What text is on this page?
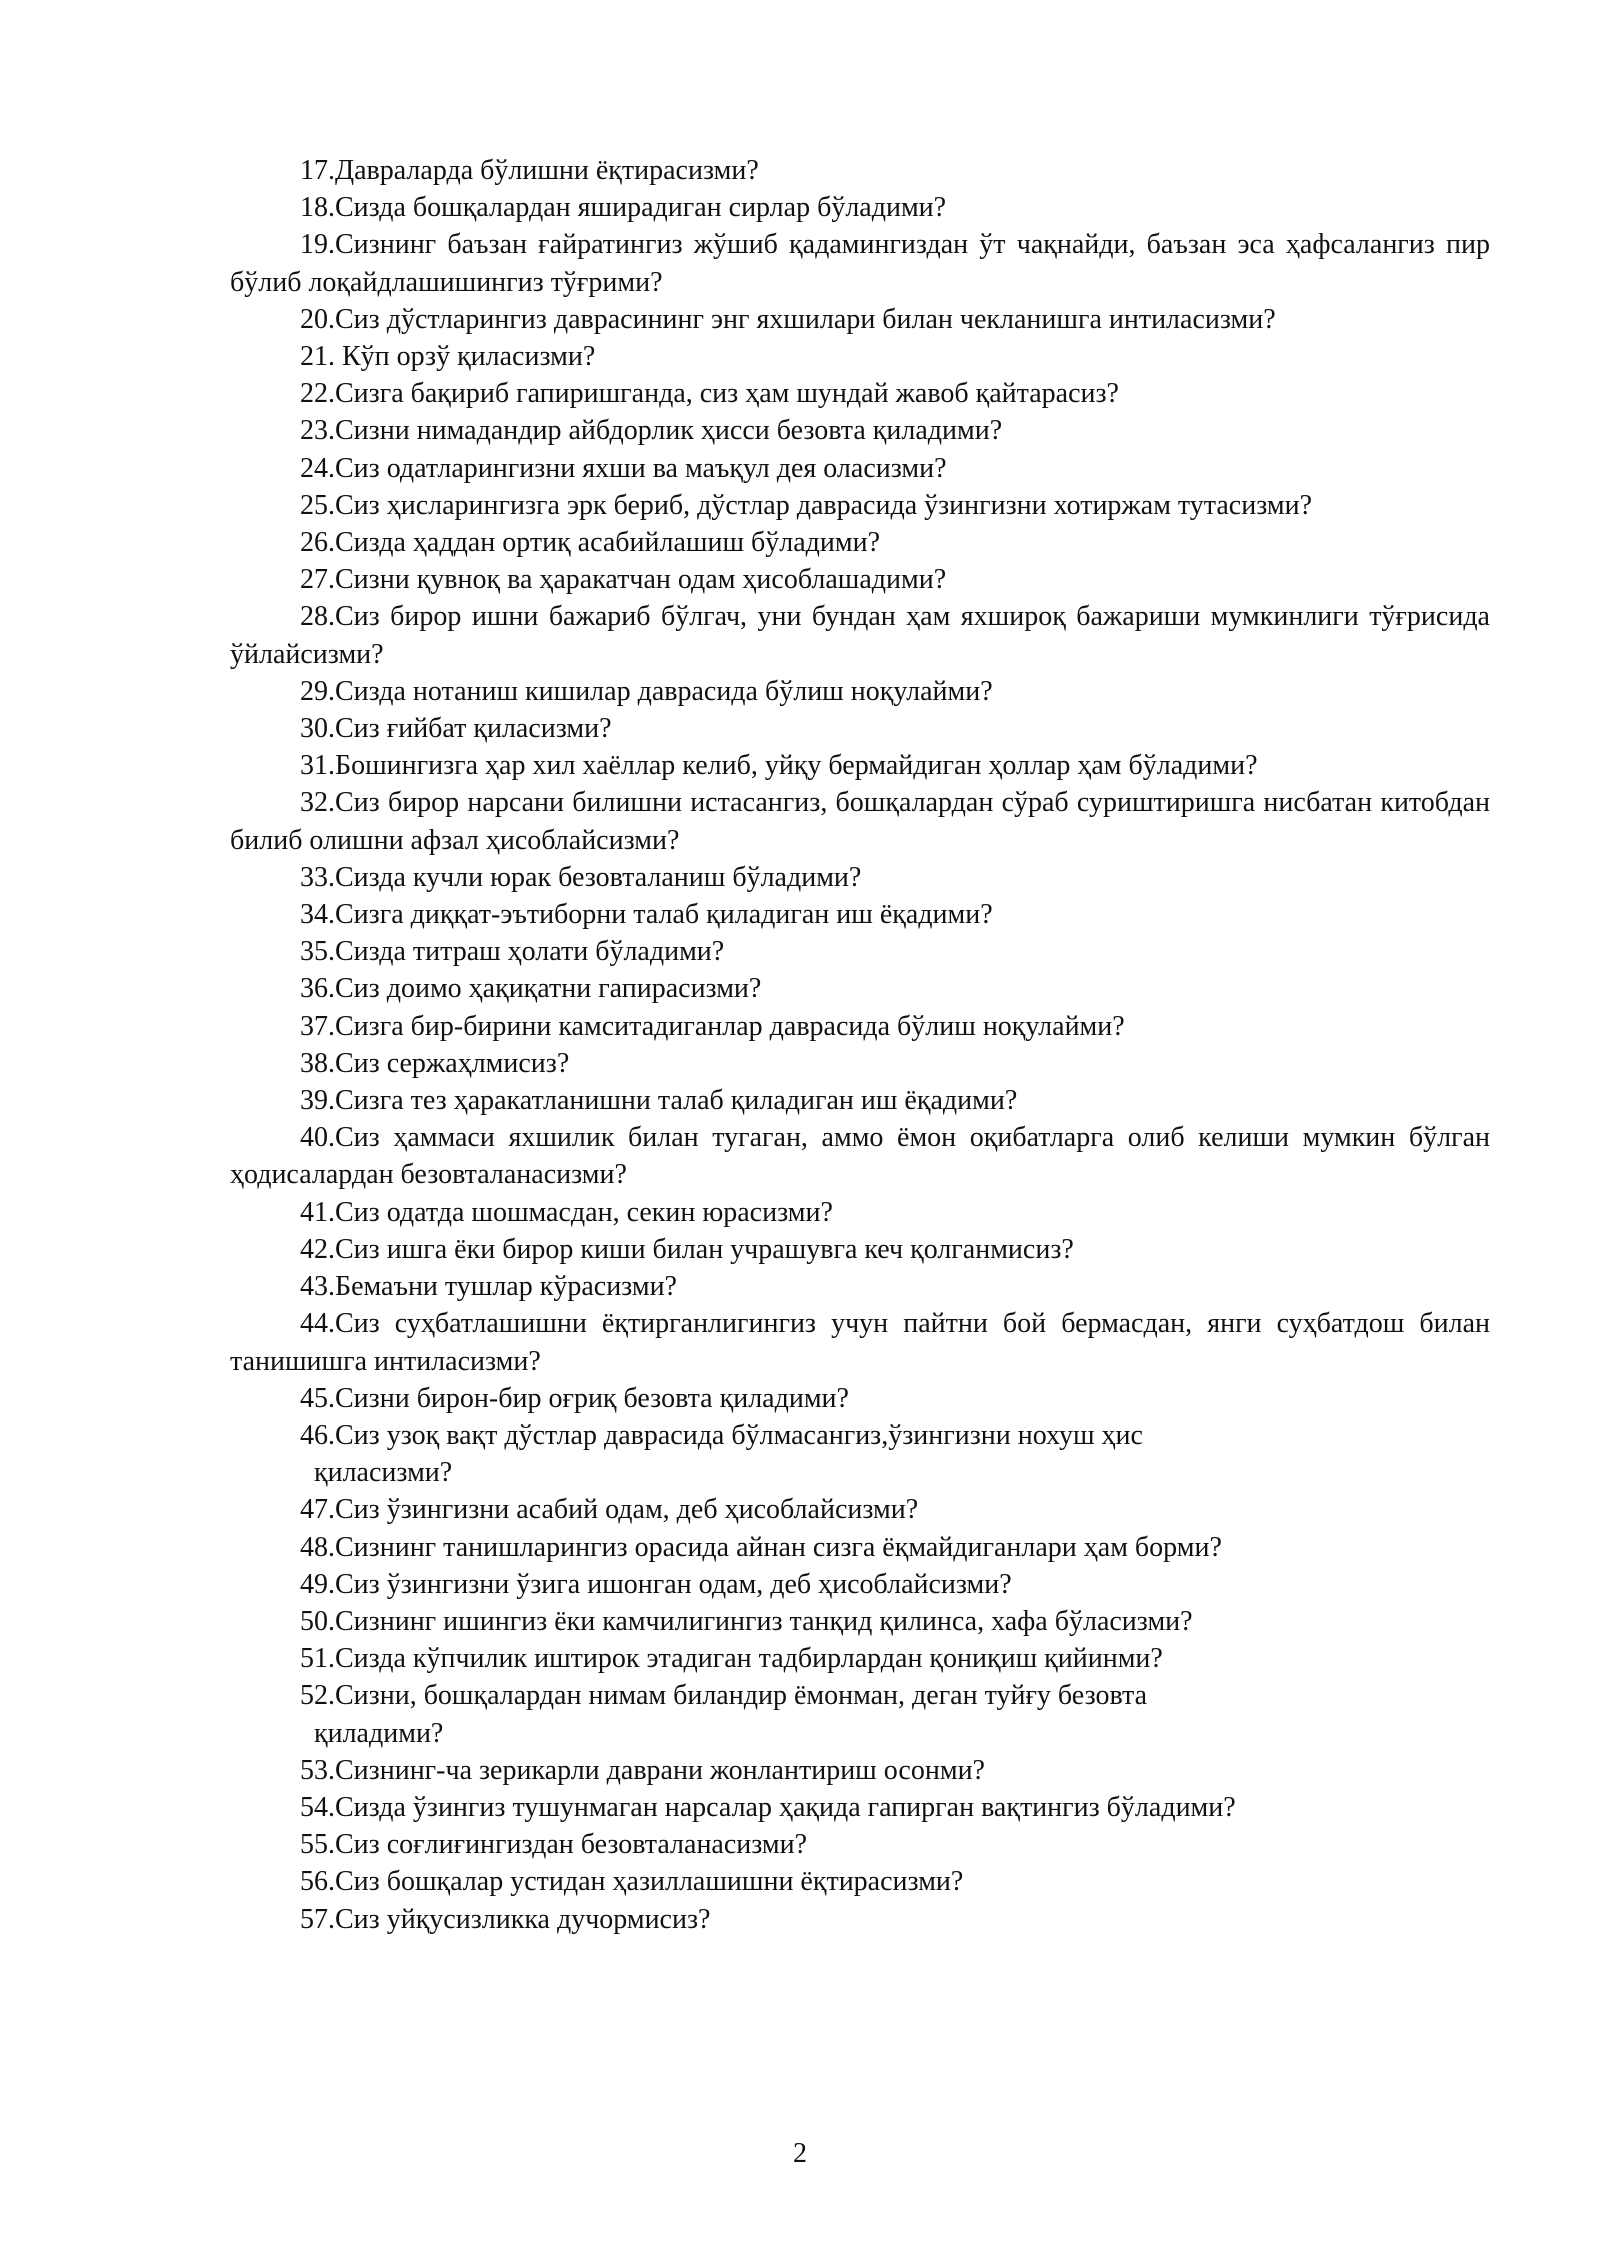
17.Давраларда бўлишни ёқтирасизми?

18.Сизда бошқалардан яширадиган сирлар бўладими?

19.Сизнинг баъзан ғайратингиз жўшиб қадамингиздан ўт чақнайди, баъзан эса ҳафсалангиз пир бўлиб лоқайдлашишингиз тўғрими?

20.Сиз дўстларингиз даврасининг энг яхшилари билан чекланишга интиласизми?

21. Кўп орзў қиласизми?

22.Сизга бақириб гапиришганда, сиз ҳам шундай жавоб қайтарасиз?

23.Сизни нимадандир айбдорлик ҳисси безовта қиладими?

24.Сиз одатларингизни яхши ва маъқул дея оласизми?

25.Сиз ҳисларингизга эрк бериб, дўстлар даврасида ўзингизни хотиржам тутасизми?

26.Сизда ҳаддан ортиқ асабийлашиш бўладими?

27.Сизни қувноқ ва ҳаракатчан одам ҳисоблашадими?

28.Сиз бирор ишни бажариб бўлгач, уни бундан ҳам яхшироқ бажариши мумкинлиги тўғрисида ўйлайсизми?

29.Сизда нотаниш кишилар даврасида бўлиш ноқулайми?

30.Сиз ғийбат қиласизми?

31.Бошингизга ҳар хил хаёллар келиб, уйқу бермайдиган ҳоллар ҳам бўладими?

32.Сиз бирор нарсани билишни истасангиз, бошқалардан сўраб суриштиришга нисбатан китобдан билиб олишни афзал ҳисоблайсизми?

33.Сизда кучли юрак безовталаниш бўладими?

34.Сизга диққат-эътиборни талаб қиладиган иш ёқадими?

35.Сизда титраш ҳолати бўладими?

36.Сиз доимо ҳақиқатни гапирасизми?

37.Сизга бир-бирини камситадиганлар даврасида бўлиш ноқулайми?

38.Сиз сержаҳлмисиз?

39.Сизга тез ҳаракатланишни талаб қиладиган иш ёқадими?

40.Сиз ҳаммаси яхшилик билан тугаган, аммо ёмон оқибатларга олиб келиши мумкин бўлган ҳодисалардан безовталанасизми?

41.Сиз одатда шошмасдан, секин юрасизми?

42.Сиз ишга ёки бирор киши билан учрашувга кеч қолганмисиз?

43.Бемаъни тушлар кўрасизми?

44.Сиз суҳбатлашишни ёқтирганлигингиз учун пайтни бой бермасдан, янги суҳбатдош билан танишишга интиласизми?

45.Сизни бирон-бир оғриқ безовта қиладими?

46.Сиз узоқ вақт дўстлар даврасида бўлмасангиз,ўзингизни нохуш ҳис
қиласизми?

47.Сиз ўзингизни асабий одам, деб ҳисоблайсизми?

48.Сизнинг танишларингиз орасида айнан сизга ёқмайдиганлари ҳам борми?

49.Сиз ўзингизни ўзига ишонган одам, деб ҳисоблайсизми?

50.Сизнинг ишингиз ёки камчилигингиз танқид қилинса, хафа бўласизми?

51.Сизда кўпчилик иштирок этадиган тадбирлардан қониқиш қийинми?

52.Сизни, бошқалардан нимам биландир ёмонман, деган туйғу безовта
қиладими?

53.Сизнинг-ча зерикарли даврани жонлантириш осонми?

54.Сизда ўзингиз тушунмаган нарсалар ҳақида гапирган вақтингиз бўладими?

55.Сиз соғлиғингиздан безовталанасизми?

56.Сиз бошқалар устидан ҳазиллашишни ёқтирасизми?

57.Сиз уйқусизликка дучормисиз?

2
